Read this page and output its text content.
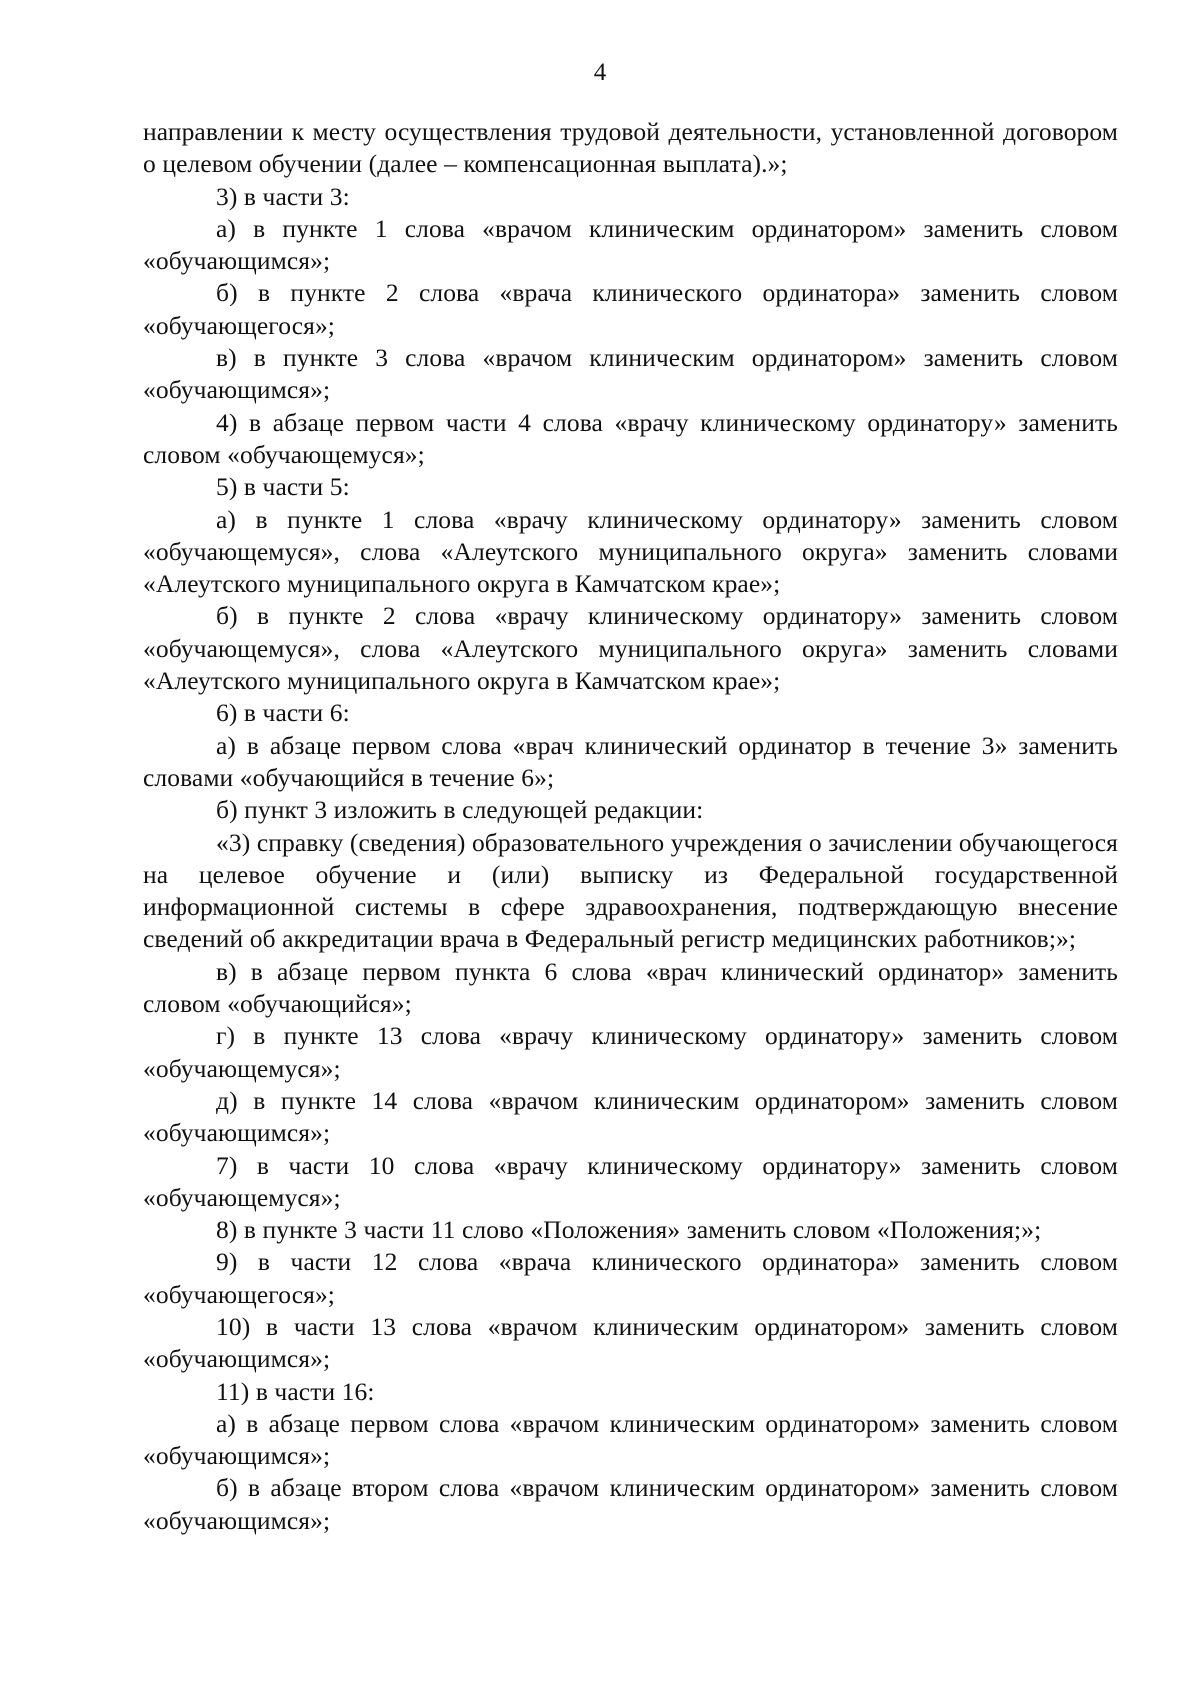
4

направлении к месту осуществления трудовой деятельности, установленной договором о целевом обучении (далее – компенсационная выплата).»;

3) в части 3:

а) в пункте 1 слова «врачом клиническим ординатором» заменить словом «обучающимся»;

б) в пункте 2 слова «врача клинического ординатора» заменить словом «обучающегося»;

в) в пункте 3 слова «врачом клиническим ординатором» заменить словом «обучающимся»;

4) в абзаце первом части 4 слова «врачу клиническому ординатору» заменить словом «обучающемуся»;

5) в части 5:

а) в пункте 1 слова «врачу клиническому ординатору» заменить словом «обучающемуся», слова «Алеутского муниципального округа» заменить словами «Алеутского муниципального округа в Камчатском крае»;

б) в пункте 2 слова «врачу клиническому ординатору» заменить словом «обучающемуся», слова «Алеутского муниципального округа» заменить словами «Алеутского муниципального округа в Камчатском крае»;

6) в части 6:

а) в абзаце первом слова «врач клинический ординатор в течение 3» заменить словами «обучающийся в течение 6»;

б) пункт 3 изложить в следующей редакции:

«3) справку (сведения) образовательного учреждения о зачислении обучающегося на целевое обучение и (или) выписку из Федеральной государственной информационной системы в сфере здравоохранения, подтверждающую внесение сведений об аккредитации врача в Федеральный регистр медицинских работников;»;

в) в абзаце первом пункта 6 слова «врач клинический ординатор» заменить словом «обучающийся»;

г) в пункте 13 слова «врачу клиническому ординатору» заменить словом «обучающемуся»;

д) в пункте 14 слова «врачом клиническим ординатором» заменить словом «обучающимся»;

7) в части 10 слова «врачу клиническому ординатору» заменить словом «обучающемуся»;

8) в пункте 3 части 11 слово «Положения» заменить словом «Положения;»;

9) в части 12 слова «врача клинического ординатора» заменить словом «обучающегося»;

10) в части 13 слова «врачом клиническим ординатором» заменить словом «обучающимся»;

11) в части 16:

а) в абзаце первом слова «врачом клиническим ординатором» заменить словом «обучающимся»;

б) в абзаце втором слова «врачом клиническим ординатором» заменить словом «обучающимся»;
